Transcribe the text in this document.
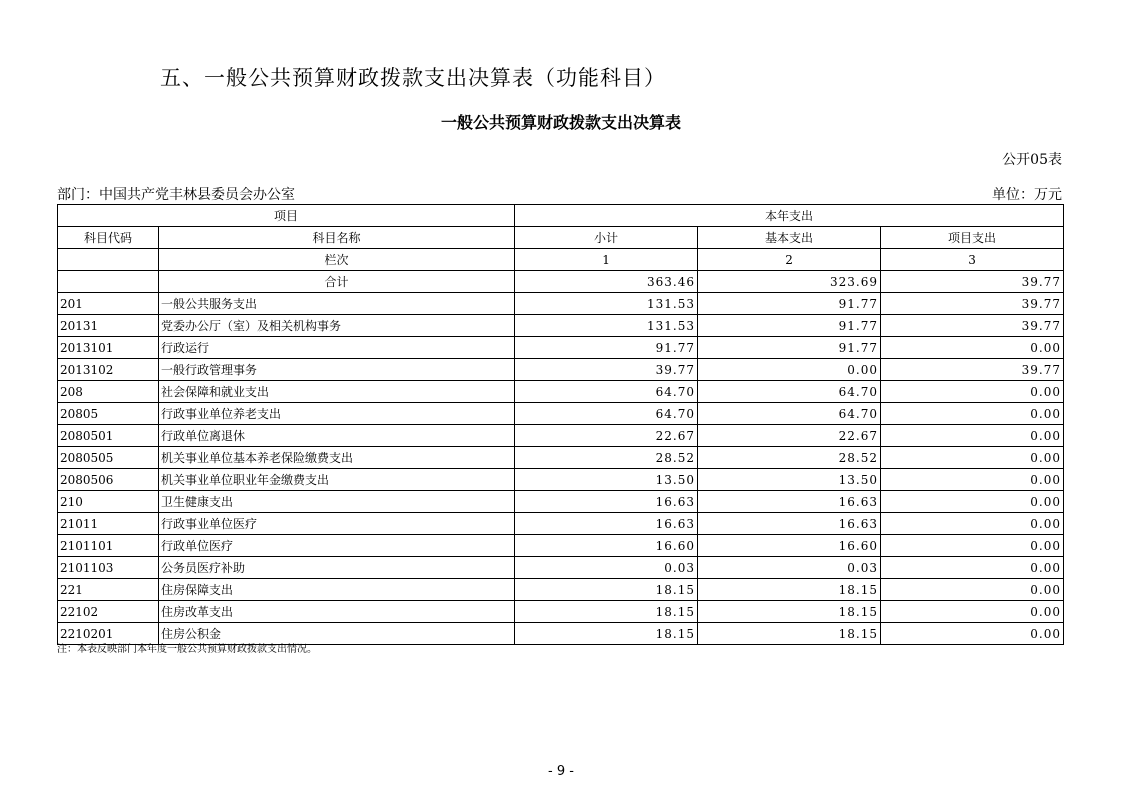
五、一般公共预算财政拨款支出决算表（功能科目）
一般公共预算财政拨款支出决算表
公开05表
部门：中国共产党丰林县委员会办公室	单位：万元
项目		本年支出		
科目代码	科目名称	小计	基本支出	项目支出
	栏次	1	2	3
	合计	363.46	323.69	39.77
201	一般公共服务支出	131.53	91.77	39.77
20131	党委办公厅（室）及相关机构事务	131.53	91.77	39.77
2013101	行政运行	91.77	91.77	0.00
2013102	一般行政管理事务	39.77	0.00	39.77
208	社会保障和就业支出	64.70	64.70	0.00
20805	行政事业单位养老支出	64.70	64.70	0.00
2080501	行政单位离退休	22.67	22.67	0.00
2080505	机关事业单位基本养老保险缴费支出	28.52	28.52	0.00
2080506	机关事业单位职业年金缴费支出	13.50	13.50	0.00
210	卫生健康支出	16.63	16.63	0.00
21011	行政事业单位医疗	16.63	16.63	0.00
2101101	行政单位医疗	16.60	16.60	0.00
2101103	公务员医疗补助	0.03	0.03	0.00
221	住房保障支出	18.15	18.15	0.00
22102	住房改革支出	18.15	18.15	0.00
2210201	住房公积金	18.15	18.15	0.00
注：本表反映部门本年度一般公共预算财政拨款支出情况。
- 9 -
